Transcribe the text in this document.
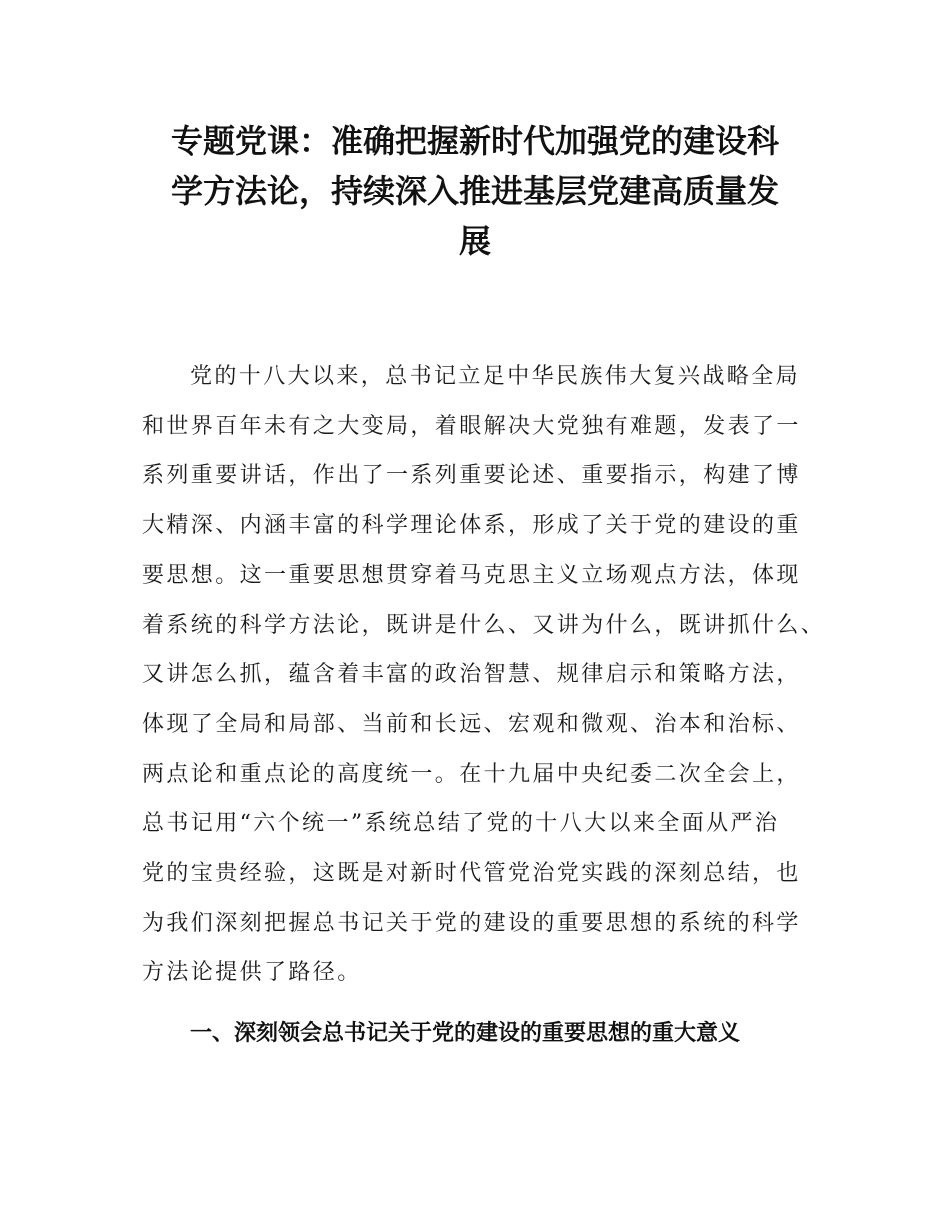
专题党课：准确把握新时代加强党的建设科
学方法论，持续深入推进基层党建高质量发
展

党的十八大以来，总书记立足中华民族伟大复兴战略全局
和世界百年未有之大变局，着眼解决大党独有难题，发表了一
系列重要讲话，作出了一系列重要论述、重要指示，构建了博
大精深、内涵丰富的科学理论体系，形成了关于党的建设的重
要思想。这一重要思想贯穿着马克思主义立场观点方法，体现
着系统的科学方法论，既讲是什么、又讲为什么，既讲抓什么、
又讲怎么抓，蕴含着丰富的政治智慧、规律启示和策略方法，
体现了全局和局部、当前和长远、宏观和微观、治本和治标、
两点论和重点论的高度统一。在十九届中央纪委二次全会上，
总书记用“六个统一”系统总结了党的十八大以来全面从严治
党的宝贵经验，这既是对新时代管党治党实践的深刻总结，也
为我们深刻把握总书记关于党的建设的重要思想的系统的科学
方法论提供了路径。

一、深刻领会总书记关于党的建设的重要思想的重大意义
